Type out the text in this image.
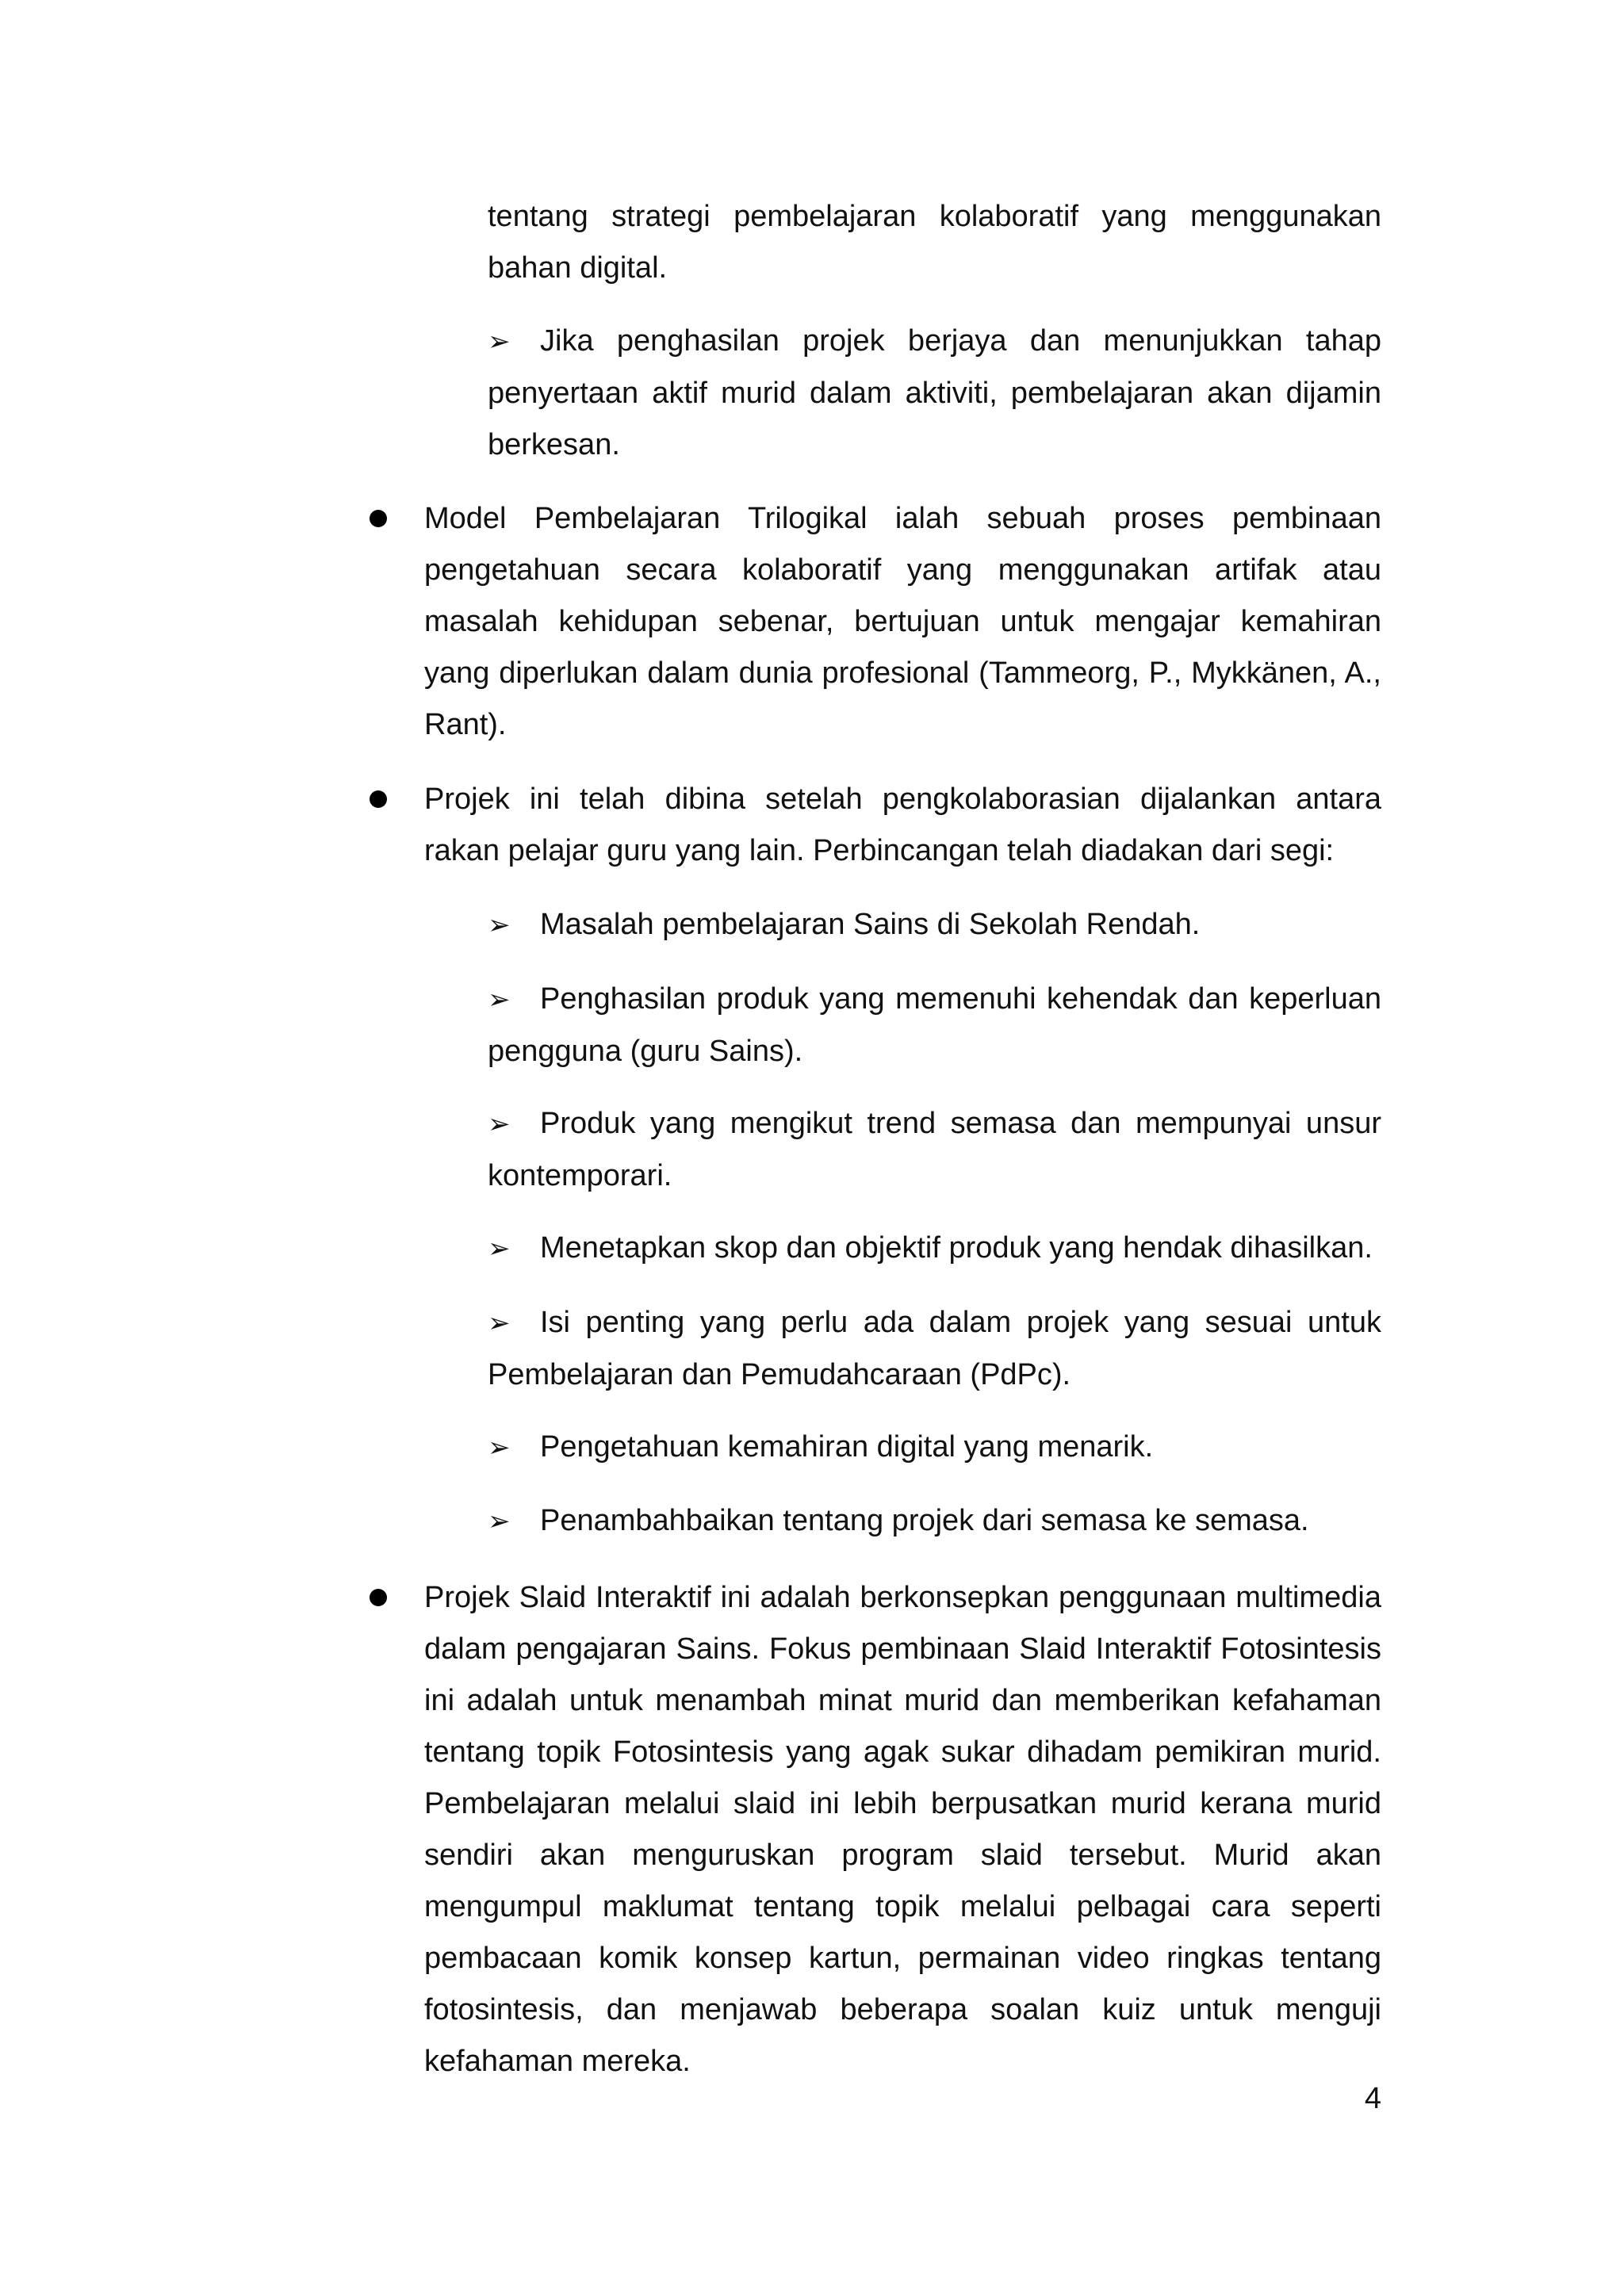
tentang strategi pembelajaran kolaboratif yang menggunakan bahan digital.
➢ Jika penghasilan projek berjaya dan menunjukkan tahap penyertaan aktif murid dalam aktiviti, pembelajaran akan dijamin berkesan.
Model Pembelajaran Trilogikal ialah sebuah proses pembinaan pengetahuan secara kolaboratif yang menggunakan artifak atau masalah kehidupan sebenar, bertujuan untuk mengajar kemahiran yang diperlukan dalam dunia profesional (Tammeorg, P., Mykkänen, A., Rant).
Projek ini telah dibina setelah pengkolaborasian dijalankan antara rakan pelajar guru yang lain. Perbincangan telah diadakan dari segi:
➢ Masalah pembelajaran Sains di Sekolah Rendah.
➢ Penghasilan produk yang memenuhi kehendak dan keperluan pengguna (guru Sains).
➢ Produk yang mengikut trend semasa dan mempunyai unsur kontemporari.
➢ Menetapkan skop dan objektif produk yang hendak dihasilkan.
➢ Isi penting yang perlu ada dalam projek yang sesuai untuk Pembelajaran dan Pemudahcaraan (PdPc).
➢ Pengetahuan kemahiran digital yang menarik.
➢ Penambahbaikan tentang projek dari semasa ke semasa.
Projek Slaid Interaktif ini adalah berkonsepkan penggunaan multimedia dalam pengajaran Sains. Fokus pembinaan Slaid Interaktif Fotosintesis ini adalah untuk menambah minat murid dan memberikan kefahaman tentang topik Fotosintesis yang agak sukar dihadam pemikiran murid. Pembelajaran melalui slaid ini lebih berpusatkan murid kerana murid sendiri akan menguruskan program slaid tersebut. Murid akan mengumpul maklumat tentang topik melalui pelbagai cara seperti pembacaan komik konsep kartun, permainan video ringkas tentang fotosintesis, dan menjawab beberapa soalan kuiz untuk menguji kefahaman mereka.
4
